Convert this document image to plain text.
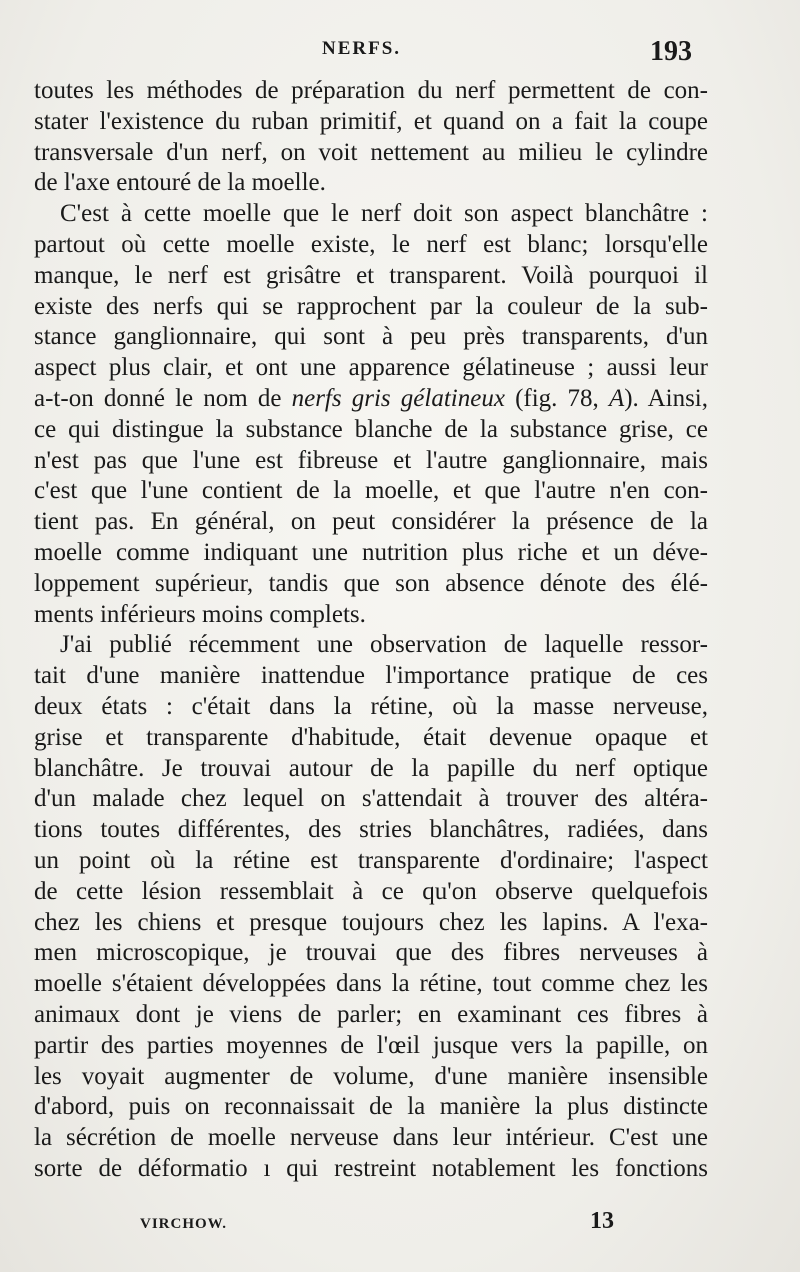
NERFS.	193

toutes les méthodes de préparation du nerf permettent de con-
stater l'existence du ruban primitif, et quand on a fait la coupe
transversale d'un nerf, on voit nettement au milieu le cylindre
de l'axe entouré de la moelle.

C'est à cette moelle que le nerf doit son aspect blanchâtre :
partout où cette moelle existe, le nerf est blanc; lorsqu'elle
manque, le nerf est grisâtre et transparent. Voilà pourquoi il
existe des nerfs qui se rapprochent par la couleur de la sub-
stance ganglionnaire, qui sont à peu près transparents, d'un
aspect plus clair, et ont une apparence gélatineuse ; aussi leur
a-t-on donné le nom de nerfs gris gélatineux (fig. 78, A). Ainsi,
ce qui distingue la substance blanche de la substance grise, ce
n'est pas que l'une est fibreuse et l'autre ganglionnaire, mais
c'est que l'une contient de la moelle, et que l'autre n'en con-
tient pas. En général, on peut considérer la présence de la
moelle comme indiquant une nutrition plus riche et un déve-
loppement supérieur, tandis que son absence dénote des élé-
ments inférieurs moins complets.

J'ai publié récemment une observation de laquelle ressor-
tait d'une manière inattendue l'importance pratique de ces
deux états : c'était dans la rétine, où la masse nerveuse,
grise et transparente d'habitude, était devenue opaque et
blanchâtre. Je trouvai autour de la papille du nerf optique
d'un malade chez lequel on s'attendait à trouver des altéra-
tions toutes différentes, des stries blanchâtres, radiées, dans
un point où la rétine est transparente d'ordinaire; l'aspect
de cette lésion ressemblait à ce qu'on observe quelquefois
chez les chiens et presque toujours chez les lapins. A l'exa-
men microscopique, je trouvai que des fibres nerveuses à
moelle s'étaient développées dans la rétine, tout comme chez les
animaux dont je viens de parler; en examinant ces fibres à
partir des parties moyennes de l'œil jusque vers la papille, on
les voyait augmenter de volume, d'une manière insensible
d'abord, puis on reconnaissait de la manière la plus distincte
la sécrétion de moelle nerveuse dans leur intérieur. C'est une
sorte de déformatio ı qui restreint notablement les fonctions

VIRCHOW.	13
